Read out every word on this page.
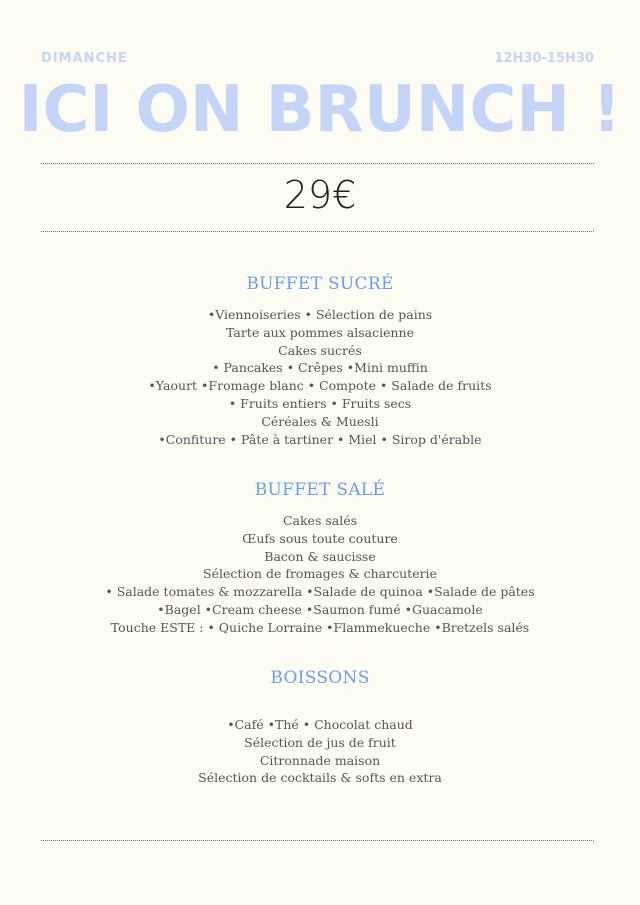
DIMANCHE	12H30-15H30
ICI ON BRUNCH !
29€
BUFFET SUCRÉ
•Viennoiseries • Sélection de pains
Tarte aux pommes alsacienne
Cakes sucrés
• Pancakes • Crêpes •Mini muffin
•Yaourt •Fromage blanc • Compote • Salade de fruits
• Fruits entiers • Fruits secs
Céréales & Muesli
•Confiture • Pâte à tartiner • Miel • Sirop d'érable
BUFFET SALÉ
Cakes salés
Œufs sous toute couture
Bacon & saucisse
Sélection de fromages & charcuterie
• Salade tomates & mozzarella •Salade de quinoa •Salade de pâtes
•Bagel •Cream cheese •Saumon fumé •Guacamole
Touche ESTE : • Quiche Lorraine •Flammekueche •Bretzels salés
BOISSONS
•Café •Thé • Chocolat chaud
Sélection de jus de fruit
Citronnade maison
Sélection de cocktails & softs en extra
